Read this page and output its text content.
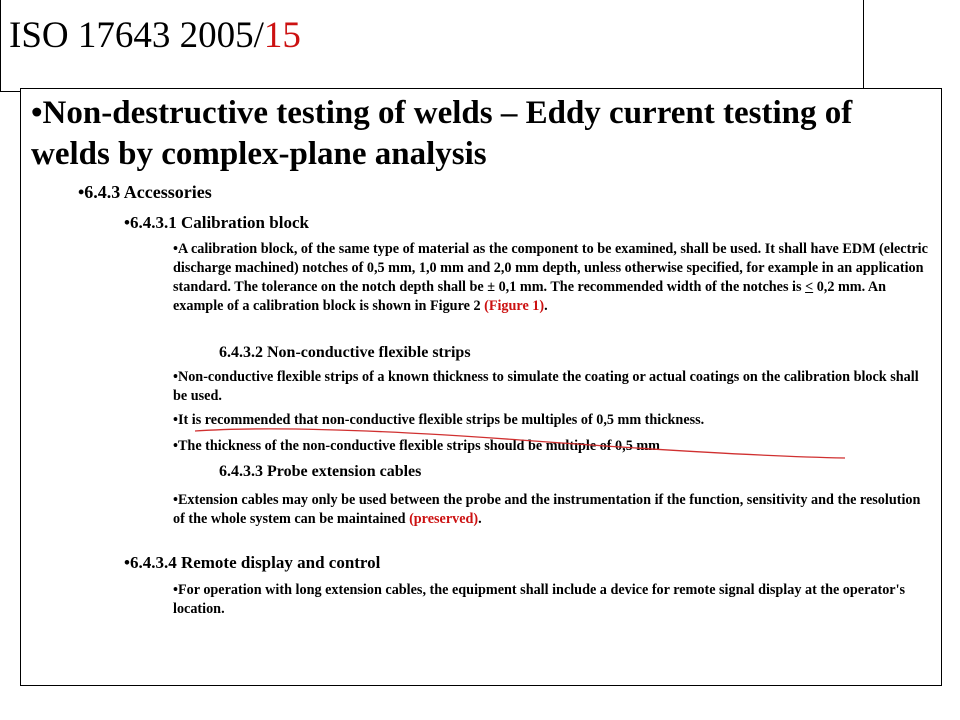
ISO 17643 2005/15
•Non-destructive testing of welds – Eddy current testing of welds by complex-plane analysis
•6.4.3 Accessories
•6.4.3.1 Calibration block
•A calibration block, of the same type of material as the component to be examined, shall be used. It shall have EDM (electric discharge machined) notches of 0,5 mm, 1,0 mm and 2,0 mm depth, unless otherwise specified, for example in an application standard. The tolerance on the notch depth shall be ± 0,1 mm. The recommended width of the notches is < 0,2 mm. An example of a calibration block is shown in Figure 2 (Figure 1).
6.4.3.2 Non-conductive flexible strips
•Non-conductive flexible strips of a known thickness to simulate the coating or actual coatings on the calibration block shall be used.
•It is recommended that non-conductive flexible strips be multiples of 0,5 mm thickness.
•The thickness of the non-conductive flexible strips should be multiple of 0,5 mm
6.4.3.3 Probe extension cables
•Extension cables may only be used between the probe and the instrumentation if the function, sensitivity and the resolution of the whole system can be maintained (preserved).
•6.4.3.4 Remote display and control
•For operation with long extension cables, the equipment shall include a device for remote signal display at the operator's location.
